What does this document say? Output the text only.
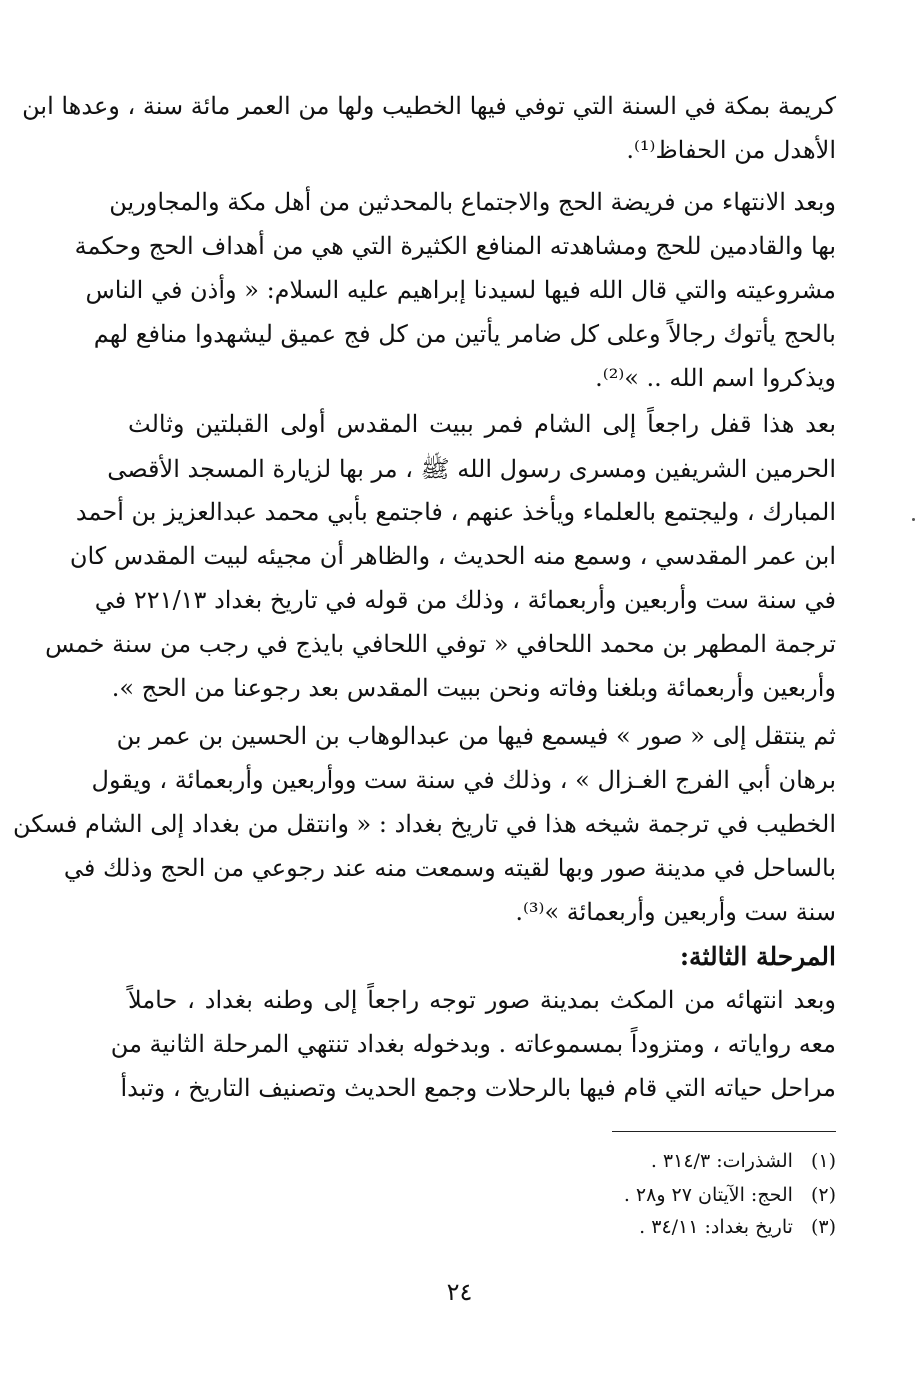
كريمة بمكة في السنة التي توفي فيها الخطيب ولها من العمر مائة سنة ، وعدها ابن
الأهدل من الحفاظ⁽¹⁾.
وبعد الانتهاء من فريضة الحج والاجتماع بالمحدثين من أهل مكة والمجاورين
بها والقادمين للحج ومشاهدته المنافع الكثيرة التي هي من أهداف الحج وحكمة
مشروعيته والتي قال الله فيها لسيدنا إبراهيم عليه السلام: « وأذن في الناس
بالحج يأتوك رجالاً وعلى كل ضامر يأتين من كل فج عميق ليشهدوا منافع لهم
ويذكروا اسم الله .. »⁽²⁾.
بعد هذا قفل راجعاً إلى الشام فمر ببيت المقدس أولى القبلتين وثالث
الحرمين الشريفين ومسرى رسول الله ﷺ ، مر بها لزيارة المسجد الأقصى
المبارك ، وليجتمع بالعلماء ويأخذ عنهم ، فاجتمع بأبي محمد عبدالعزيز بن أحمد
ابن عمر المقدسي ، وسمع منه الحديث ، والظاهر أن مجيئه لبيت المقدس كان
في سنة ست وأربعين وأربعمائة ، وذلك من قوله في تاريخ بغداد ٢٢١/١٣ في
ترجمة المطهر بن محمد اللحافي « توفي اللحافي بايذج في رجب من سنة خمس
وأربعين وأربعمائة وبلغنا وفاته ونحن ببيت المقدس بعد رجوعنا من الحج ».
ثم ينتقل إلى « صور » فيسمع فيها من عبدالوهاب بن الحسين بن عمر بن
برهان أبي الفرج الغـزال » ، وذلك في سنة ست ووأربعين وأربعمائة ، ويقول
الخطيب في ترجمة شيخه هذا في تاريخ بغداد : « وانتقل من بغداد إلى الشام فسكن
بالساحل في مدينة صور وبها لقيته وسمعت منه عند رجوعي من الحج وذلك في
سنة ست وأربعين وأربعمائة »⁽³⁾.
المرحلة الثالثة:
وبعد انتهائه من المكث بمدينة صور توجه راجعاً إلى وطنه بغداد ، حاملاً
معه رواياته ، ومتزوداً بمسموعاته . وبدخوله بغداد تنتهي المرحلة الثانية من
مراحل حياته التي قام فيها بالرحلات وجمع الحديث وتصنيف التاريخ ، وتبدأ
(١)
الشذرات: ٣١٤/٣ .
(٢)
الحج: الآيتان ٢٧ و٢٨ .
(٣)
تاريخ بغداد: ٣٤/١١ .
٢٤
